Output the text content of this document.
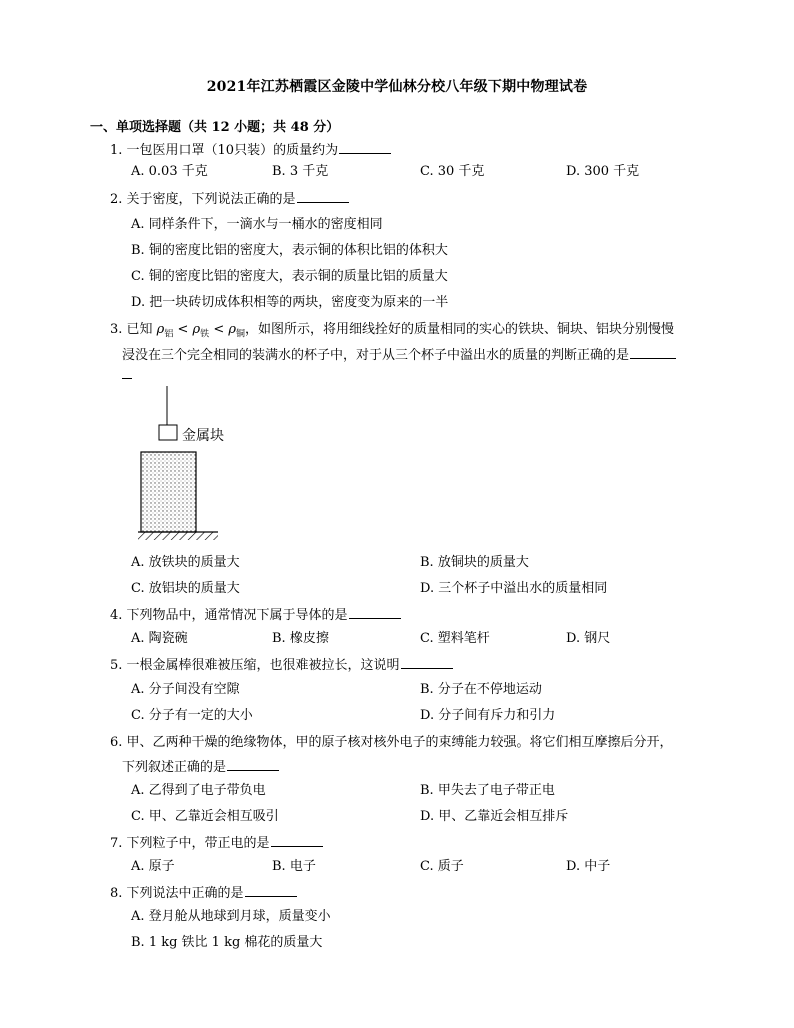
2021年江苏栖霞区金陵中学仙林分校八年级下期中物理试卷
一、单项选择题（共 12 小题；共 48 分）
1. 一包医用口罩（10只装）的质量约为
A. 0.03 千克	B. 3 千克	C. 30 千克	D. 300 千克
2. 关于密度，下列说法正确的是
A. 同样条件下，一滴水与一桶水的密度相同
B. 铜的密度比铝的密度大，表示铜的体积比铝的体积大
C. 铜的密度比铝的密度大，表示铜的质量比铝的质量大
D. 把一块砖切成体积相等的两块，密度变为原来的一半
3. 已知 $\rho_铝 < \rho_铁 < \rho_铜$，如图所示，将用细线拴好的质量相同的实心的铁块、铜块、铝块分别慢慢
浸没在三个完全相同的装满水的杯子中，对于从三个杯子中溢出水的质量的判断正确的是
金属块
A. 放铁块的质量大	B. 放铜块的质量大
C. 放铝块的质量大	D. 三个杯子中溢出水的质量相同
4. 下列物品中，通常情况下属于导体的是
A. 陶瓷碗	B. 橡皮擦	C. 塑料笔杆	D. 钢尺
5. 一根金属棒很难被压缩，也很难被拉长，这说明
A. 分子间没有空隙	B. 分子在不停地运动
C. 分子有一定的大小	D. 分子间有斥力和引力
6. 甲、乙两种干燥的绝缘物体，甲的原子核对核外电子的束缚能力较强。将它们相互摩擦后分开，
下列叙述正确的是
A. 乙得到了电子带负电	B. 甲失去了电子带正电
C. 甲、乙靠近会相互吸引	D. 甲、乙靠近会相互排斥
7. 下列粒子中，带正电的是
A. 原子	B. 电子	C. 质子	D. 中子
8. 下列说法中正确的是
A. 登月舱从地球到月球，质量变小
B. 1 kg 铁比 1 kg 棉花的质量大
